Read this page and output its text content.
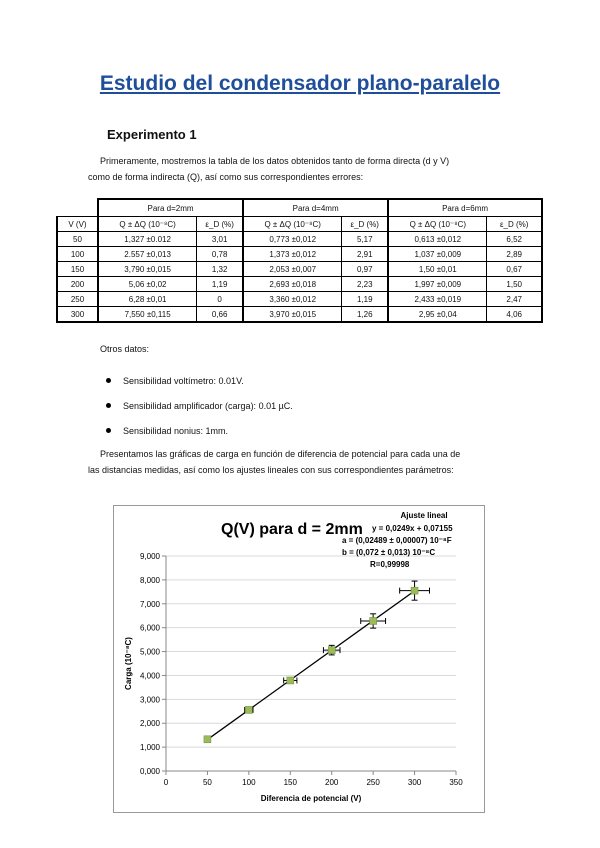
Estudio del condensador plano-paralelo
Experimento 1
Primeramente, mostremos la tabla de los datos obtenidos tanto de forma directa (d y V)
como de forma indirecta (Q), así como sus correspondientes errores:
	Para d=2mm		Para d=4mm		Para d=6mm	
V (V)	Q ± ΔQ (10⁻⁸C)	ε_D (%)	Q ± ΔQ (10⁻⁸C)	ε_D (%)	Q ± ΔQ (10⁻⁸C)	ε_D (%)
50	1,327 ±0.012	3,01	0,773 ±0,012	5,17	0,613 ±0,012	6,52
100	2.557 ±0,013	0,78	1,373 ±0,012	2,91	1,037 ±0,009	2,89
150	3,790 ±0,015	1,32	2,053 ±0,007	0,97	1,50 ±0,01	0,67
200	5,06 ±0,02	1,19	2,693 ±0,018	2,23	1,997 ±0,009	1,50
250	6,28 ±0,01	0	3,360 ±0,012	1,19	2,433 ±0,019	2,47
300	7,550 ±0,115	0,66	3,970 ±0,015	1,26	2,95 ±0,04	4,06
Otros datos:
Sensibilidad voltímetro: 0.01V.
Sensibilidad amplificador (carga): 0.01 µC.
Sensibilidad nonius: 1mm.
Presentamos las gráficas de carga en función de diferencia de potencial para cada una de
las distancias medidas, así como los ajustes lineales con sus correspondientes parámetros:
0,000
1,000
2,000
3,000
4,000
5,000
6,000
7,000
8,000
9,000
0	50	100	150	200	250	300	350
Diferencia de potencial (V)
Carga (10⁻⁸C)
Q(V) para d = 2mm
Ajuste lineal
y = 0,0249x + 0,07155
a = (0,02489 ± 0,00007) 10⁻⁸F
b = (0,072 ± 0,013) 10⁻⁸C
R=0,99998
